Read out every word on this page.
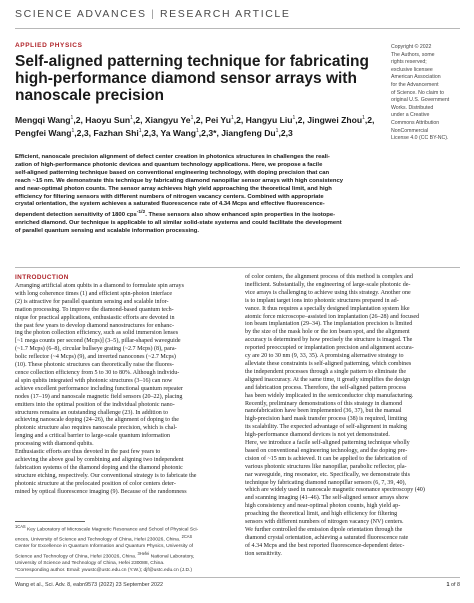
SCIENCE ADVANCES | RESEARCH ARTICLE
APPLIED PHYSICS
Self-aligned patterning technique for fabricating high-performance diamond sensor arrays with nanoscale precision
Mengqi Wang$^1$,2, Haoyu Sun$^1$,2, Xiangyu Ye$^1$,2, Pei Yu$^1$,2, Hangyu Liu$^1$,2, Jingwei Zhou$^1$,2,
Pengfei Wang$^1$,2,3, Fazhan Shi$^1$,2,3, Ya Wang$^1$,2,3*, Jiangfeng Du$^1$,2,3
Copyright © 2022
The Authors, some
rights reserved;
exclusive licensee
American Association
for the Advancement
of Science. No claim to
original U.S. Government
Works. Distributed
under a Creative
Commons Attribution
NonCommercial
License 4.0 (CC BY-NC).
Efficient, nanoscale precision alignment of defect center creation in photonics structures in challenges the reali-
zation of high-performance photonic devices and quantum technology applications. Here, we propose a facile
self-aligned patterning technique based on conventional engineering technology, with doping precision that can
reach ~15 nm. We demonstrate this technique by fabricating diamond nanopillar sensor arrays with high consistency
and near-optimal photon counts. The sensor array achieves high yield approaching the theoretical limit, and high
efficiency for filtering sensors with different numbers of nitrogen vacancy centers. Combined with appropriate
crystal orientation, the system achieves a saturated fluorescence rate of 4.34 Mcps and effective fluorescence-
dependent detection sensitivity of 1800 cps$^{-1/2}$. These sensors also show enhanced spin properties in the isotope-
enriched diamond. Our technique is applicable to all similar solid-state systems and could facilitate the development
of parallel quantum sensing and scalable information processing.
INTRODUCTION
Arranging artificial atom qubits in a diamond to formulate spin arrays
with long coherence times (1) and efficient spin-photon interface
(2) is attractive for parallel quantum sensing and scalable infor-
mation processing. To improve the diamond-based quantum tech-
nique for practical applications, enthusiastic efforts are devoted in
the past few years to develop diamond nanostructures for enhanc-
ing the photon collection efficiency, such as solid immersion lenses
[~1 mega counts per second (Mcps)] (3–5), pillar-shaped waveguide
(~1.7 Mcps) (6–8), circular bullseye grating (~2.7 Mcps) (8), para-
bolic reflector (~4 Mcps) (9), and inverted nanocones (~2.7 Mcps)
(10). These photonic structures can theoretically raise the fluores-
cence collection efficiency from 5 to 30 to 80%. Although individu-
al spin qubits integrated with photonic structures (3–16) can now
achieve excellent performance including functional quantum repeater
nodes (17–19) and nanoscale magnetic field sensors (20–22), placing
emitters into the optimal position of the individual photonic nano-
structures remains an outstanding challenge (23). In addition to
achieving nanoscale doping (24–26), the alignment of doping to the
photonic structure also requires nanoscale precision, which is chal-
lenging and a critical barrier to large-scale quantum information
processing with diamond qubits.
Enthusiastic efforts are thus devoted in the past few years to
achieving the above goal by combining and aligning two independent
fabrication systems of the diamond doping and the diamond photonic
structure etching, respectively. Our conventional strategy is to fabricate the
photonic structure at the prelocated position of color centers deter-
mined by optical fluorescence imaging (9). Because of the randomness
of color centers, the alignment process of this method is complex and
inefficient. Substantially, the engineering of large-scale photonic de-
vice arrays is challenging to achieve using this strategy. Another one
is to implant target ions into photonic structures prepared in ad-
vance. It thus requires a specially designed implantation system like
atomic force microscope–assisted ion implantation (26–28) and focused
ion beam implantation (29–34). The implantation precision is limited
by the size of the mask hole or the ion beam spot, and the alignment
accuracy is determined by how precisely the structure is imaged. The
reported preoccupied or implantation precision and alignment accura-
cy are 20 to 30 nm (9, 33, 35). A promising alternative strategy to
alleviate these constraints is self-aligned patterning, which combines
the independent processes through a single pattern to eliminate the
aligned inaccuracy. At the same time, it greatly simplifies the design
and fabrication process. Therefore, the self-aligned pattern process
has been widely implicated in the semiconductor chip manufacturing.
Recently, preliminary demonstrations of this strategy in diamond
nanofabrication have been implemented (36, 37), but the manual
high-precision hard mask transfer process (38) is required, limiting
its scalability. The expected advantage of self-alignment in making
high-performance diamond devices is not yet demonstrated.
Here, we introduce a facile self-aligned patterning technique wholly
based on conventional engineering technology, and the doping pre-
cision of ~15 nm is achieved. It can be applied to the fabrication of
various photonic structures like nanopillar, parabolic reflector, pla-
nar waveguide, ring resonator, etc. Specifically, we demonstrate this
technique by fabricating diamond nanopillar sensors (6, 7, 39, 40),
which are widely used in nanoscale magnetic resonance spectroscopy (40)
and scanning imaging (41–46). The self-aligned sensor arrays show
high consistency and near-optimal photon counts, high yield ap-
proaching the theoretical limit, and high efficiency for filtering
sensors with different numbers of nitrogen vacancy (NV) centers.
We further controlled the emission dipole orientation through the
diamond crystal orientation, achieving a saturated fluorescence rate
of 4.34 Mcps and the best reported fluorescence-dependent detec-
tion sensitivity.
$^{1CAS}$ Key Laboratory of Microscale Magnetic Resonance and School of Physical Sci-
ences, University of Science and Technology of China, Hefei 230026, China. $^{2CAS}$
Center for Excellence in Quantum Information and Quantum Physics, University of
Science and Technology of China, Hefei 230026, China. $^{3Hefei}$ National Laboratory,
University of Science and Technology of China, Hefei 230088, China.
*Corresponding author. Email: ywustc@ustc.edu.cn (Y.W.); djf@ustc.edu.cn (J.D.)
Wang et al., Sci. Adv. 8, eabn9573 (2022) 23 September 2022	1 of 8
